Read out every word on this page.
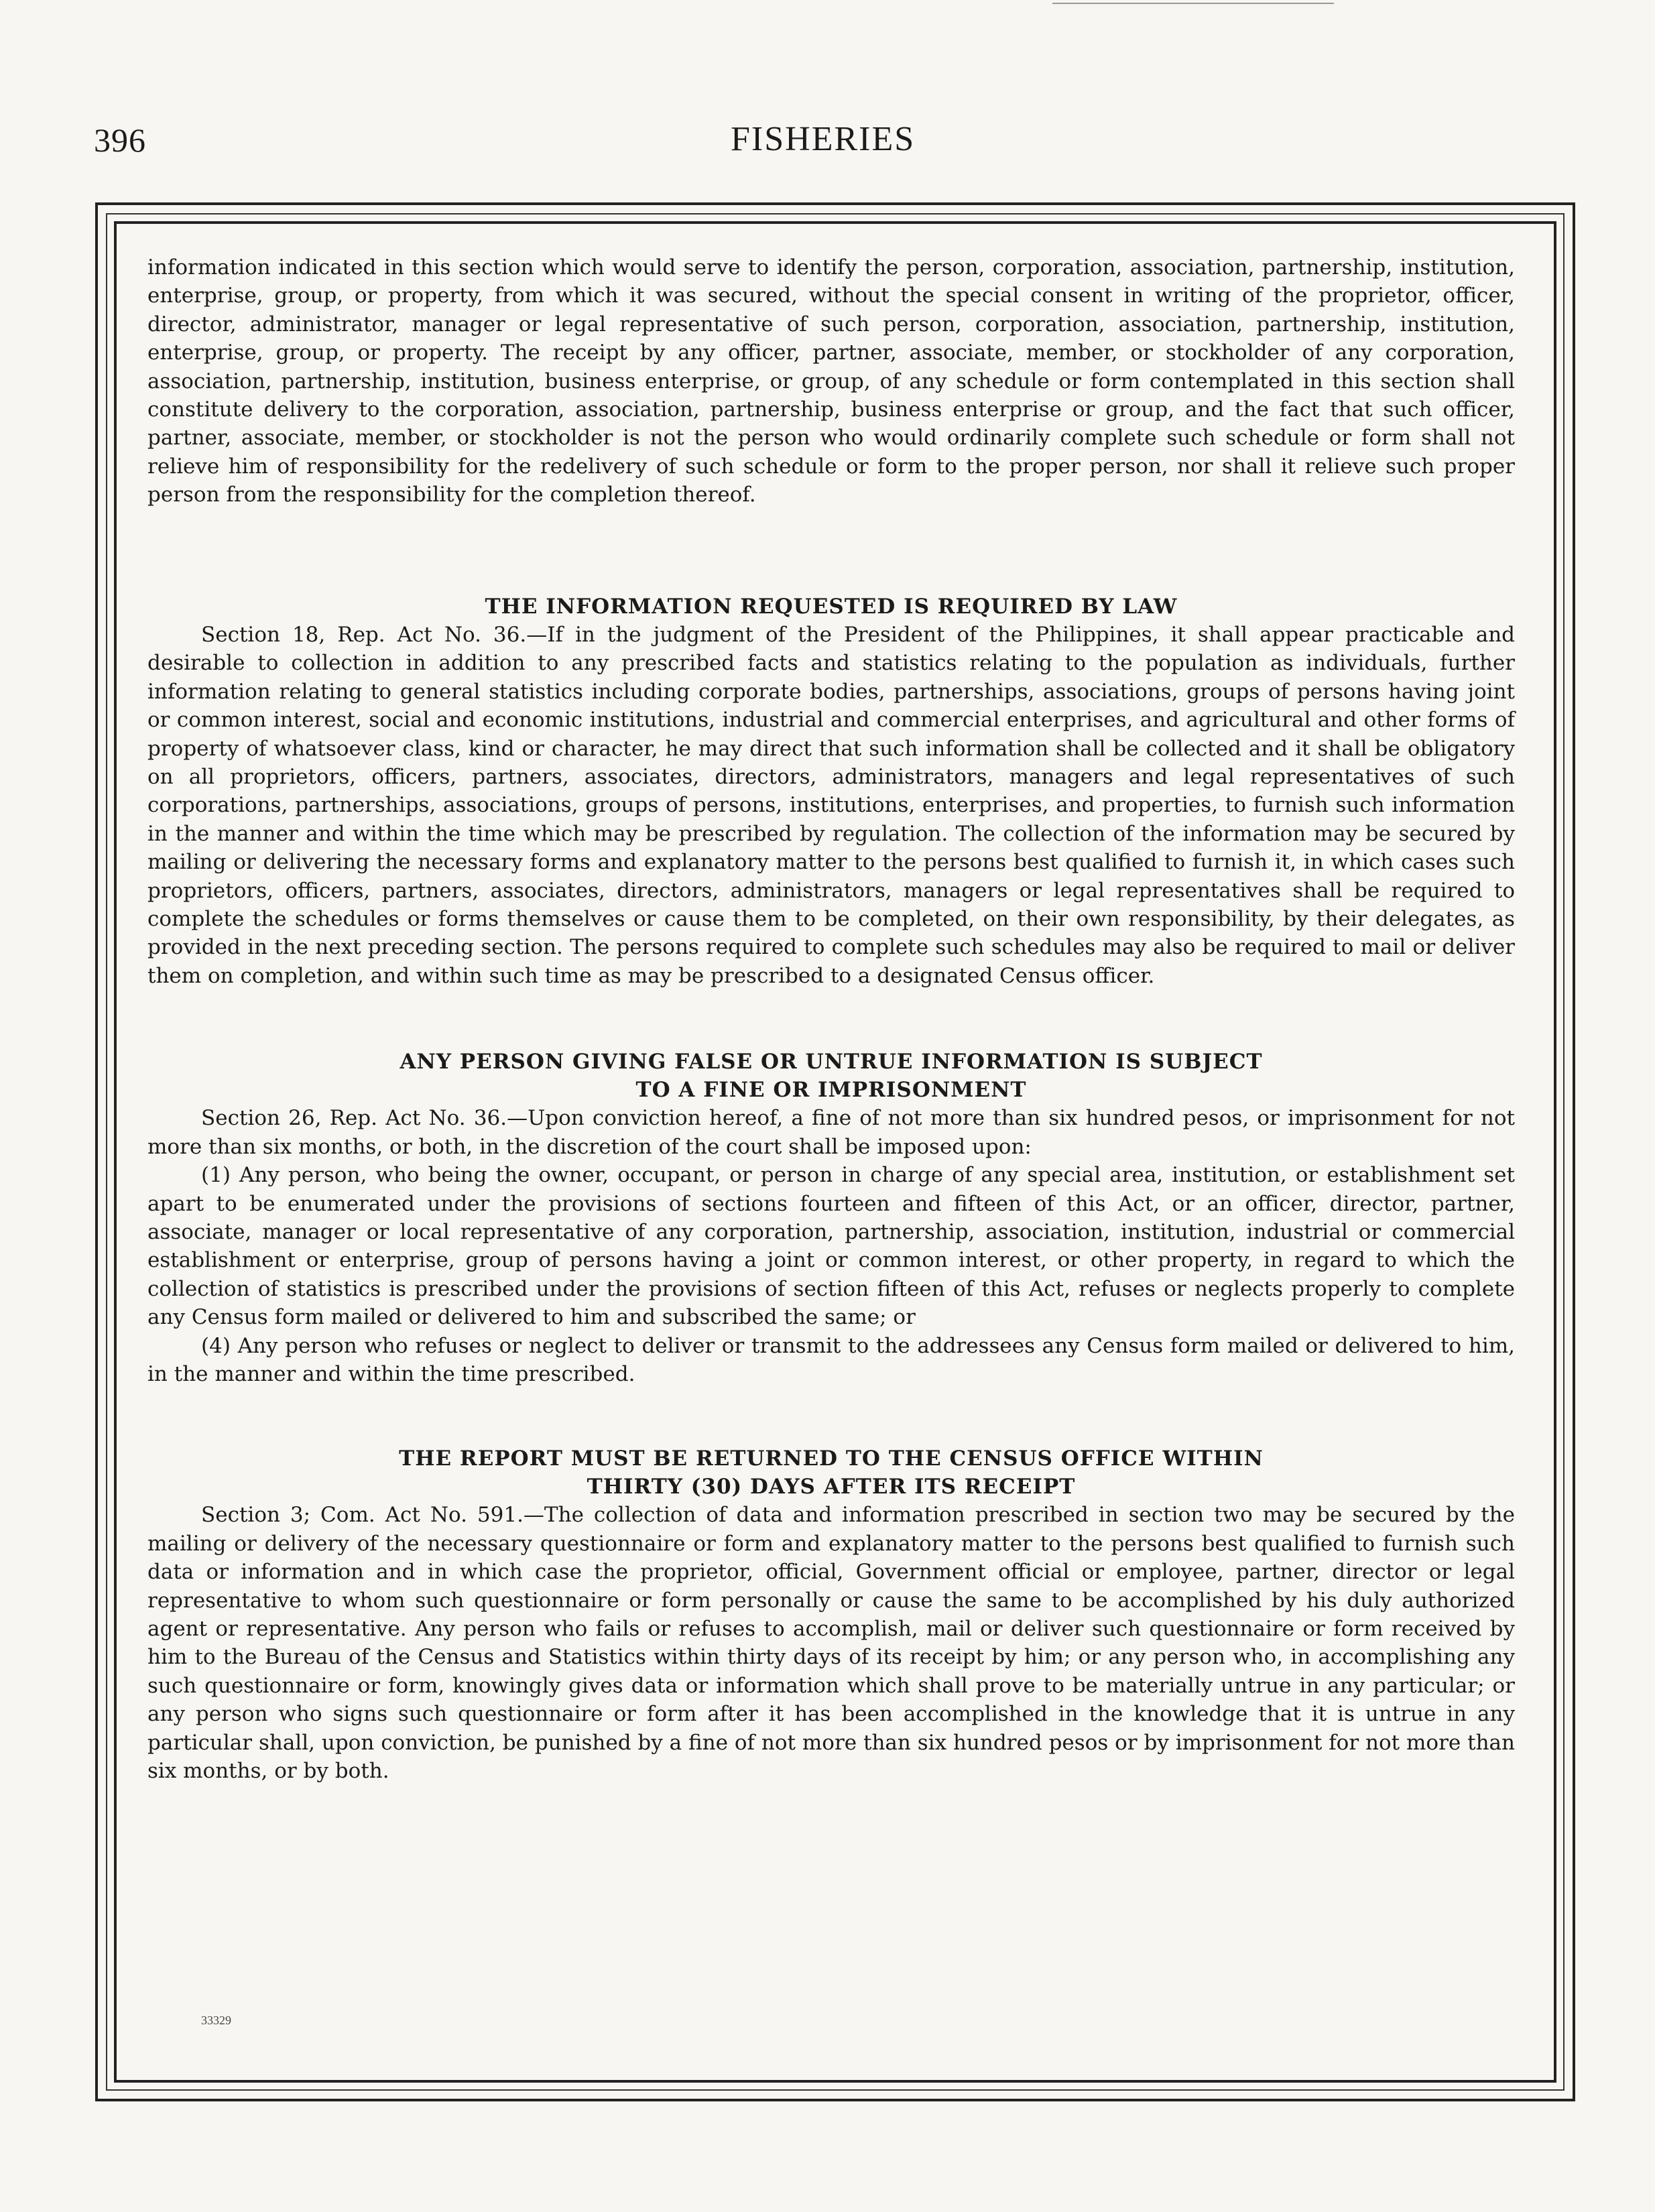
396	FISHERIES

information indicated in this section which would serve to identify the person, corporation, association, partnership, institution, enterprise, group, or property, from which it was secured, without the special consent in writing of the proprietor, officer, director, administrator, manager or legal representative of such person, corporation, association, partnership, institution, enterprise, group, or property. The receipt by any officer, partner, associate, member, or stockholder of any corporation, association, partnership, institution, business enterprise, or group, of any schedule or form contemplated in this section shall constitute delivery to the corporation, association, partnership, business enterprise or group, and the fact that such officer, partner, associate, member, or stockholder is not the person who would ordinarily complete such schedule or form shall not relieve him of responsibility for the redelivery of such schedule or form to the proper person, nor shall it relieve such proper person from the responsibility for the completion thereof.

THE INFORMATION REQUESTED IS REQUIRED BY LAW

Section 18, Rep. Act No. 36.—If in the judgment of the President of the Philippines, it shall appear practicable and desirable to collection in addition to any prescribed facts and statistics relating to the population as individuals, further information relating to general statistics including corporate bodies, partnerships, associations, groups of persons having joint or common interest, social and economic institutions, industrial and commercial enterprises, and agricultural and other forms of property of whatsoever class, kind or character, he may direct that such information shall be collected and it shall be obligatory on all proprietors, officers, partners, associates, directors, administrators, managers and legal representatives of such corporations, partnerships, associations, groups of persons, institutions, enterprises, and properties, to furnish such information in the manner and within the time which may be prescribed by regulation. The collection of the information may be secured by mailing or delivering the necessary forms and explanatory matter to the persons best qualified to furnish it, in which cases such proprietors, officers, partners, associates, directors, administrators, managers or legal representatives shall be required to complete the schedules or forms themselves or cause them to be completed, on their own responsibility, by their delegates, as provided in the next preceding section. The persons required to complete such schedules may also be required to mail or deliver them on completion, and within such time as may be prescribed to a designated Census officer.

ANY PERSON GIVING FALSE OR UNTRUE INFORMATION IS SUBJECT
TO A FINE OR IMPRISONMENT

Section 26, Rep. Act No. 36.—Upon conviction hereof, a fine of not more than six hundred pesos, or imprisonment for not more than six months, or both, in the discretion of the court shall be imposed upon:

(1) Any person, who being the owner, occupant, or person in charge of any special area, institution, or establishment set apart to be enumerated under the provisions of sections fourteen and fifteen of this Act, or an officer, director, partner, associate, manager or local representative of any corporation, partnership, association, institution, industrial or commercial establishment or enterprise, group of persons having a joint or common interest, or other property, in regard to which the collection of statistics is prescribed under the provisions of section fifteen of this Act, refuses or neglects properly to complete any Census form mailed or delivered to him and subscribed the same; or

(4) Any person who refuses or neglect to deliver or transmit to the addressees any Census form mailed or delivered to him, in the manner and within the time prescribed.

THE REPORT MUST BE RETURNED TO THE CENSUS OFFICE WITHIN
THIRTY (30) DAYS AFTER ITS RECEIPT

Section 3; Com. Act No. 591.—The collection of data and information prescribed in section two may be secured by the mailing or delivery of the necessary questionnaire or form and explanatory matter to the persons best qualified to furnish such data or information and in which case the proprietor, official, Government official or employee, partner, director or legal representative to whom such questionnaire or form personally or cause the same to be accomplished by his duly authorized agent or representative. Any person who fails or refuses to accomplish, mail or deliver such questionnaire or form received by him to the Bureau of the Census and Statistics within thirty days of its receipt by him; or any person who, in accomplishing any such questionnaire or form, knowingly gives data or information which shall prove to be materially untrue in any particular; or any person who signs such questionnaire or form after it has been accomplished in the knowledge that it is untrue in any particular shall, upon conviction, be punished by a fine of not more than six hundred pesos or by imprisonment for not more than six months, or by both.

33329
